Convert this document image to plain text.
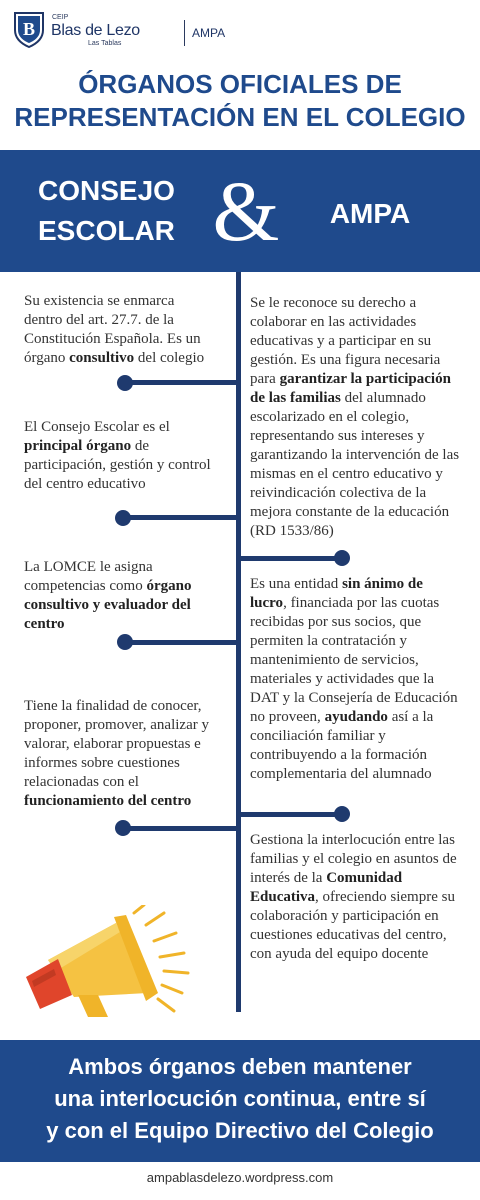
B
CEIP
Blas de Lezo
Las Tablas
AMPA
ÓRGANOS OFICIALES DE
REPRESENTACIÓN EN EL COLEGIO
CONSEJO
ESCOLAR &	AMPA
Su existencia se enmarca dentro del art. 27.7. de la Constitución Española. Es un órgano consultivo del colegio
El Consejo Escolar es el principal órgano de participación, gestión y control del centro educativo
La LOMCE le asigna competencias como órgano consultivo y evaluador del centro
Tiene la finalidad de conocer, proponer, promover, analizar y valorar, elaborar propuestas e informes sobre cuestiones relacionadas con el funcionamiento del centro
Se le reconoce su derecho a colaborar en las actividades educativas y a participar en su gestión. Es una figura necesaria para garantizar la participación de las familias del alumnado escolarizado en el colegio, representando sus intereses y garantizando la intervención de las mismas en el centro educativo y reivindicación colectiva de la mejora constante de la educación (RD 1533/86)
Es una entidad sin ánimo de lucro, financiada por las cuotas recibidas por sus socios, que permiten la contratación y mantenimiento de servicios, materiales y actividades que la DAT y la Consejería de Educación no proveen, ayudando así a la conciliación familiar y contribuyendo a la formación complementaria del alumnado
Gestiona la interlocución entre las familias y el colegio en asuntos de interés de la Comunidad Educativa, ofreciendo siempre su colaboración y participación en cuestiones educativas del centro, con ayuda del equipo docente
Ambos órganos deben mantener
una interlocución continua, entre sí
y con el Equipo Directivo del Colegio
ampablasdelezo.wordpress.com
